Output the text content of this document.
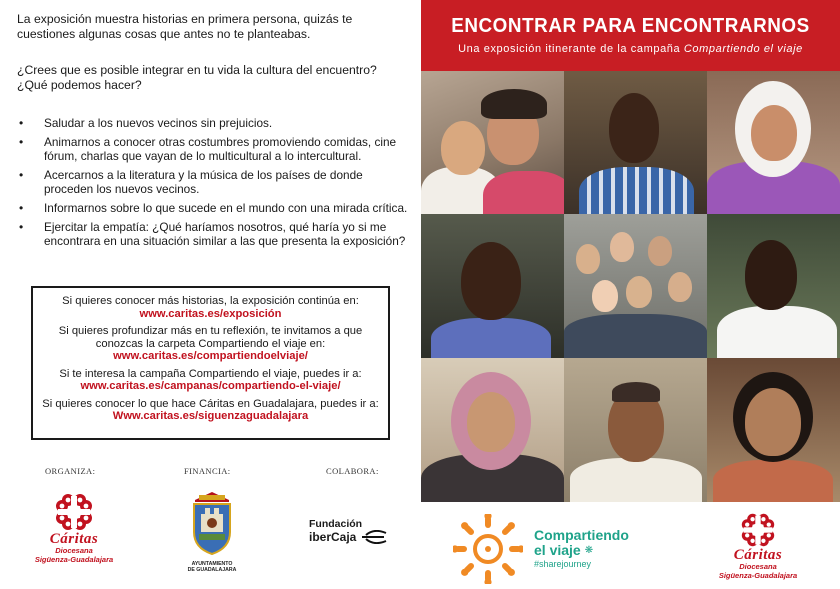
La exposición muestra historias en primera persona, quizás te cuestiones algunas cosas que antes no te planteabas.

¿Crees que es posible integrar en tu vida la cultura del encuentro?
¿Qué podemos hacer?
• Saludar a los nuevos vecinos sin prejuicios.
• Animarnos a conocer otras costumbres promoviendo comidas, cine fórum, charlas que vayan de lo multicultural a lo intercultural.
• Acercarnos a la literatura y la música de los países de donde proceden los nuevos vecinos.
• Informarnos sobre lo que sucede en el mundo con una mirada crítica.
• Ejercitar la empatía: ¿Qué haríamos nosotros, qué haría yo si me encontrara en una situación similar a las que presenta la exposición?
Si quieres conocer más historias, la exposición continúa en:
www.caritas.es/exposición
Si quieres profundizar más en tu reflexión, te invitamos a que conozcas la carpeta Compartiendo el viaje en:
www.caritas.es/compartiendoelviaje/
Si te interesa la campaña Compartiendo el viaje, puedes ir a:
www.caritas.es/campanas/compartiendo-el-viaje/
Si quieres conocer lo que hace Cáritas en Guadalajara, puedes ir a:
Www.caritas.es/siguenzaguadalajara
ORGANIZA:	FINANCIA:	COLABORA:
Cáritas
Diocesana
Sigüenza-Guadalajara	AYUNTAMIENTO
DE GUADALAJARA
Fundación
iberCaja
ENCONTRAR PARA ENCONTRARNOS
Una exposición itinerante de la campaña Compartiendo el viaje
Compartiendo
el viaje ❋
#sharejourney
Cáritas
Diocesana
Sigüenza-Guadalajara
